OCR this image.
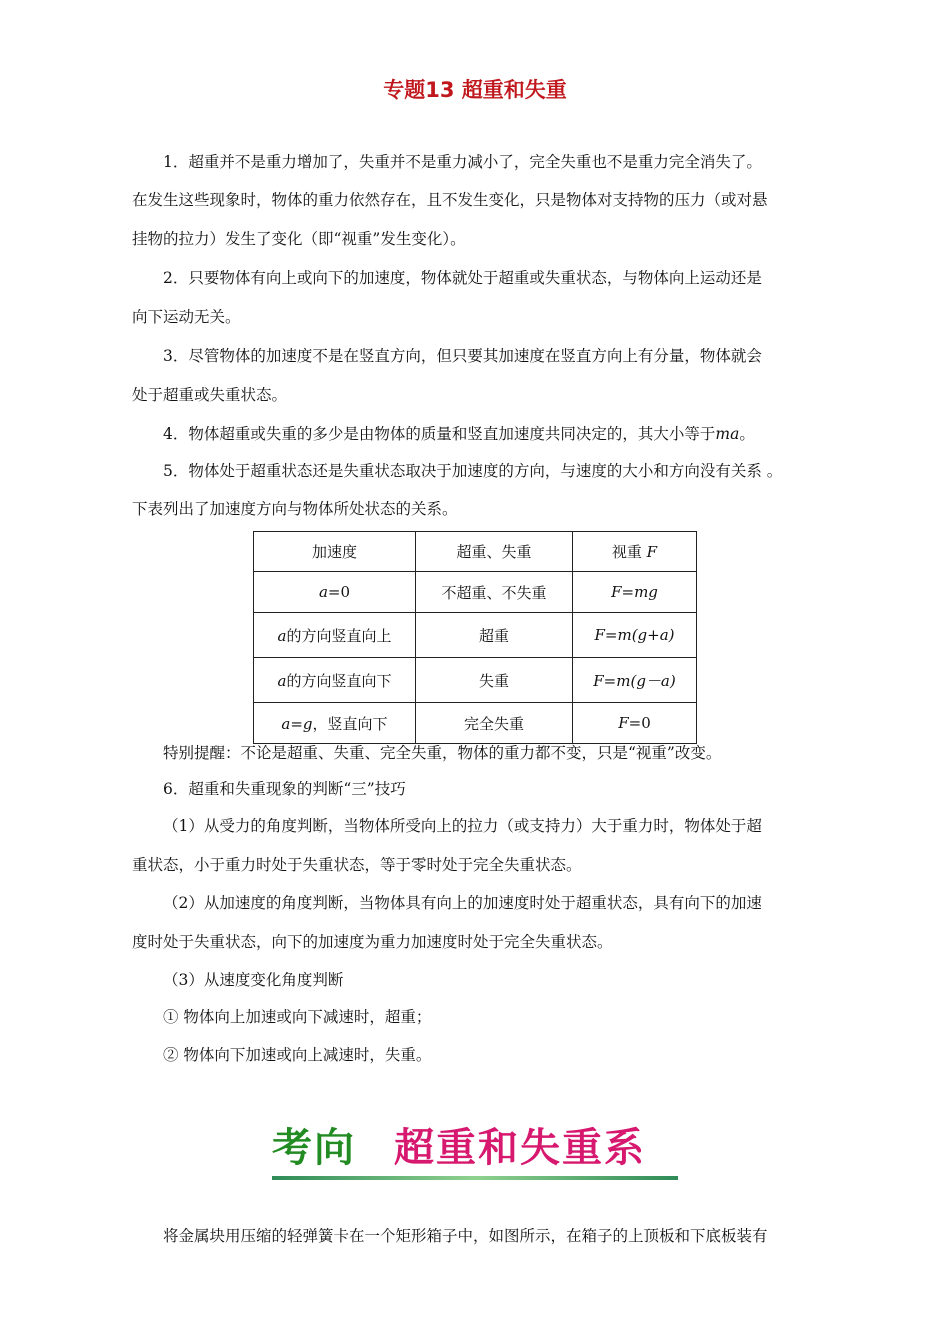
专题13 超重和失重
1．超重并不是重力增加了，失重并不是重力减小了，完全失重也不是重力完全消失了。
在发生这些现象时，物体的重力依然存在，且不发生变化，只是物体对支持物的压力（或对悬
挂物的拉力）发生了变化（即“视重”发生变化）。
2．只要物体有向上或向下的加速度，物体就处于超重或失重状态，与物体向上运动还是
向下运动无关。
3．尽管物体的加速度不是在竖直方向，但只要其加速度在竖直方向上有分量，物体就会
处于超重或失重状态。
4．物体超重或失重的多少是由物体的质量和竖直加速度共同决定的，其大小等于ma。
5．物体处于超重状态还是失重状态取决于加速度的方向，与速度的大小和方向没有关系 。
下表列出了加速度方向与物体所处状态的关系。
加速度	超重、失重	视重 F
a=0	不超重、不失重	F=mg
a的方向竖直向上	超重	F=m(g+a)
a的方向竖直向下	失重	F=m(g－a)
a=g，竖直向下	完全失重	F=0
特别提醒：不论是超重、失重、完全失重，物体的重力都不变，只是“视重”改变。
6．超重和失重现象的判断“三”技巧
（1）从受力的角度判断，当物体所受向上的拉力（或支持力）大于重力时，物体处于超
重状态，小于重力时处于失重状态，等于零时处于完全失重状态。
（2）从加速度的角度判断，当物体具有向上的加速度时处于超重状态，具有向下的加速
度时处于失重状态，向下的加速度为重力加速度时处于完全失重状态。
（3）从速度变化角度判断
① 物体向上加速或向下减速时，超重；
② 物体向下加速或向上减速时，失重。
考向 超重和失重系
将金属块用压缩的轻弹簧卡在一个矩形箱子中，如图所示，在箱子的上顶板和下底板装有
